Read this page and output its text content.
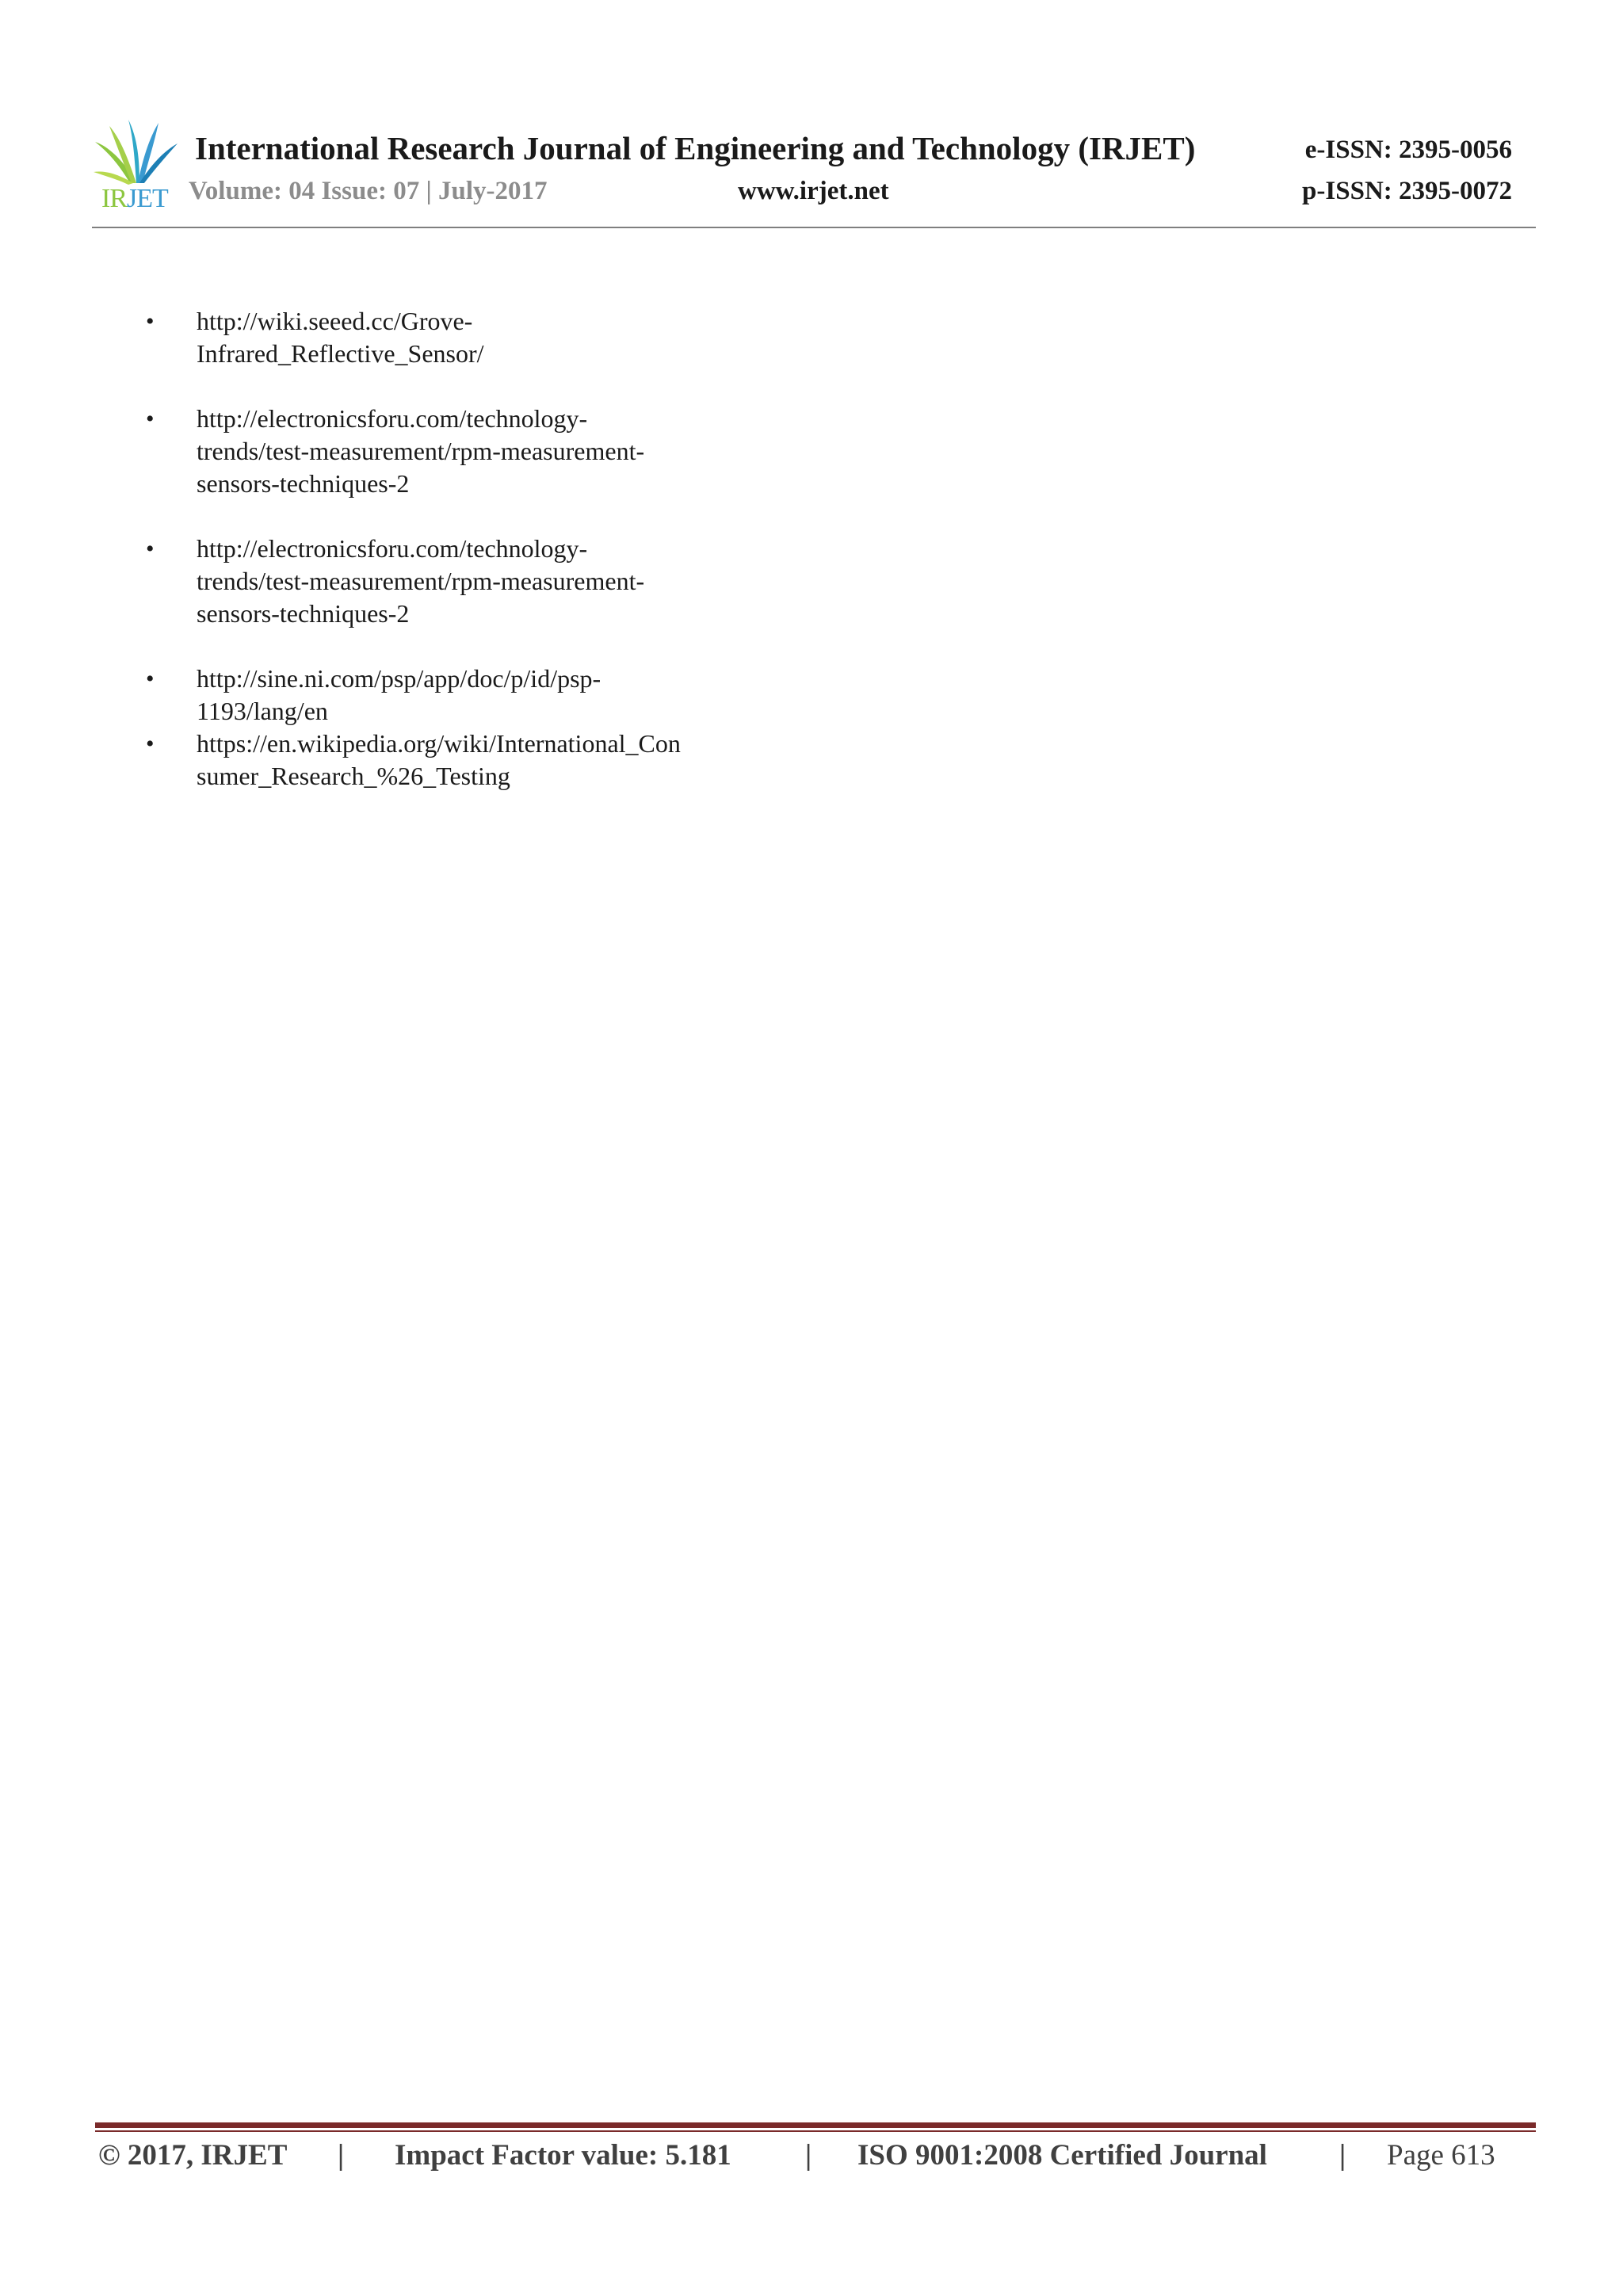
IRJET
International Research Journal of Engineering and Technology (IRJET)	e-ISSN: 2395-0056
Volume: 04 Issue: 07 | July-2017	www.irjet.net	p-ISSN: 2395-0072
• http://wiki.seeed.cc/Grove-
Infrared_Reflective_Sensor/
• http://electronicsforu.com/technology-
trends/test-measurement/rpm-measurement-
sensors-techniques-2
• http://electronicsforu.com/technology-
trends/test-measurement/rpm-measurement-
sensors-techniques-2
• http://sine.ni.com/psp/app/doc/p/id/psp-
1193/lang/en
• https://en.wikipedia.org/wiki/International_Con
sumer_Research_%26_Testing
© 2017, IRJET | Impact Factor value: 5.181	| ISO 9001:2008 Certified Journal | Page 613
